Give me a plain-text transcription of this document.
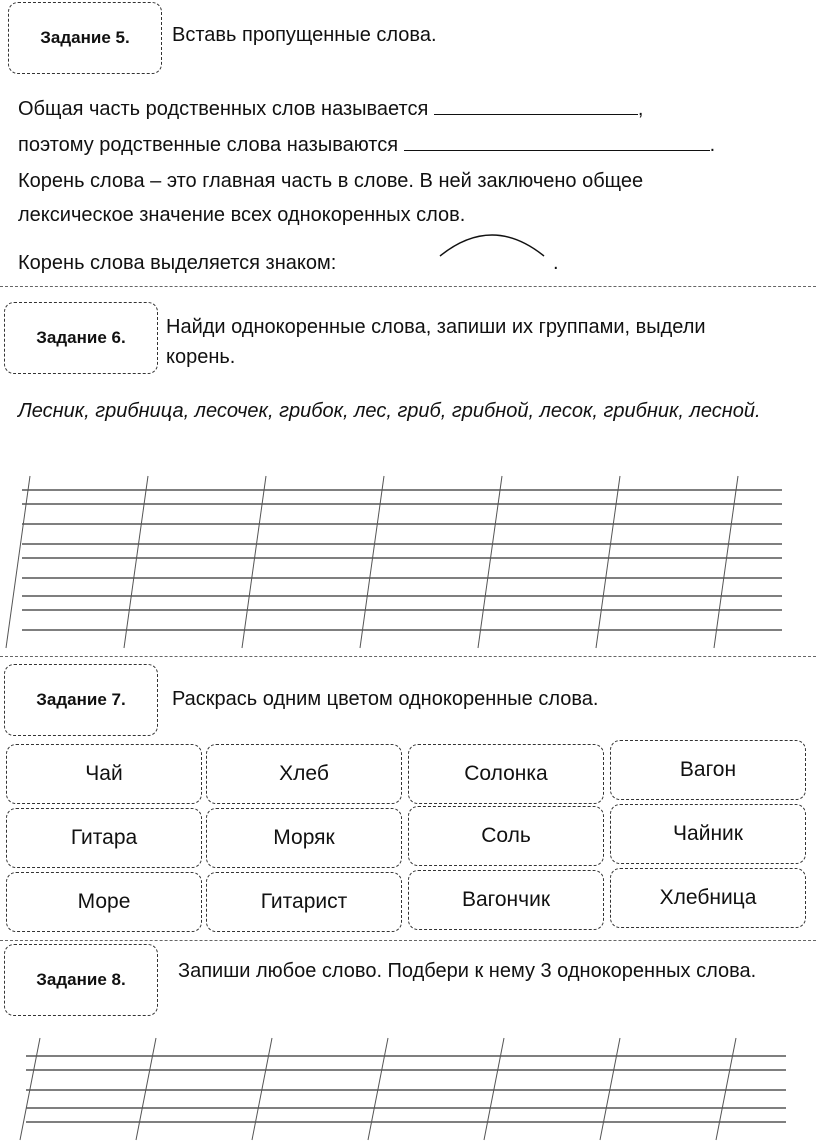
Задание 5. Вставь пропущенные слова.
Общая часть родственных слов называется	,
поэтому родственные слова называются	.
Корень слова – это главная часть в слове. В ней заключено общее
лексическое значение всех однокоренных слов.
Корень слова выделяется знаком:	.
Задание 6. Найди однокоренные слова, запиши их группами, выдели корень.
Лесник, грибница, лесочек, грибок, лес, гриб, грибной, лесок, грибник, лесной.
Задание 7. Раскрась одним цветом однокоренные слова.
Чай	Хлеб	Солонка	Вагон
Гитара	Моряк	Соль	Чайник
Море	Гитарист	Вагончик	Хлебница
Задание 8.	Запиши любое слово. Подбери к нему 3 однокоренных слова.
